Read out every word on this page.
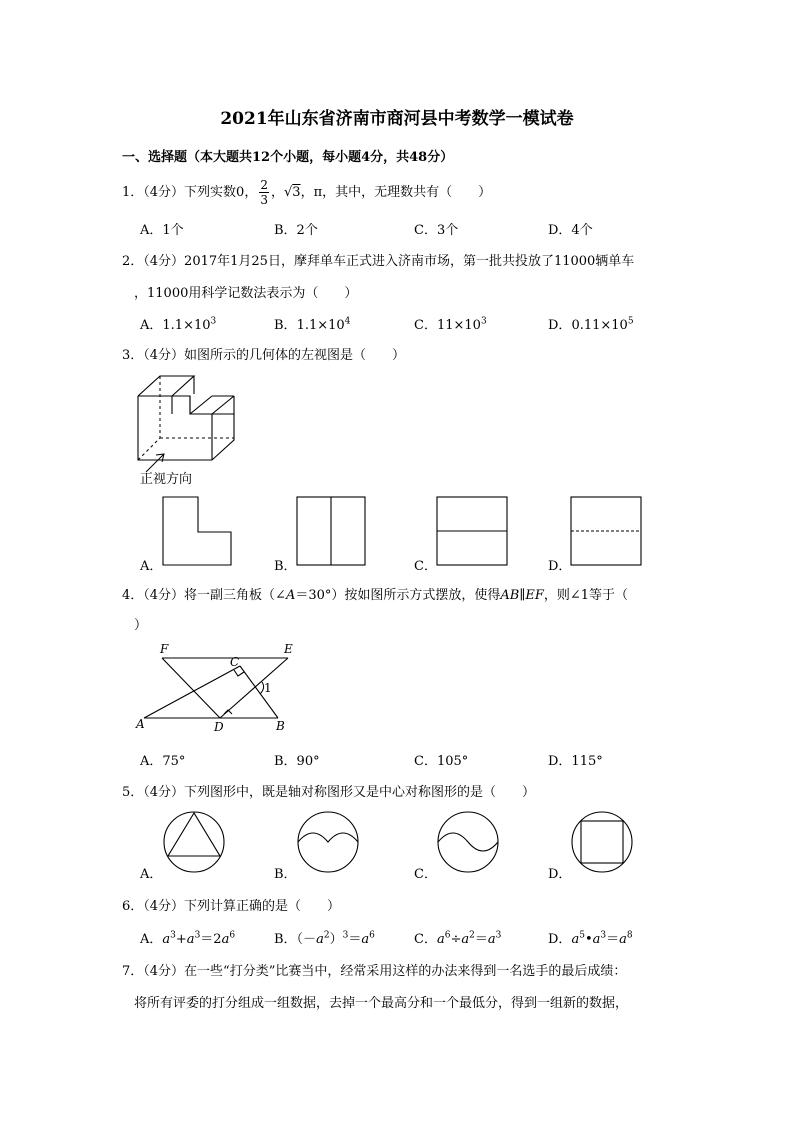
2021年山东省济南市商河县中考数学一模试卷
一、选择题（本大题共12个小题，每小题4分，共48分）
1．（4分）下列实数0， $\frac{2}{3}$ ，√3，π，其中，无理数共有（　　）
A．1个	B．2个	C．3个	D．4个
2．（4分）2017年1月25日，摩拜单车正式进入济南市场，第一批共投放了11000辆单车
，11000用科学记数法表示为（　　）
A．$1.1\times 10^3$	B．$1.1\times 10^4$	C．$11\times 10^3$	D．$0.11\times 10^5$
3．（4分）如图所示的几何体的左视图是（　　）
正视方向
A．	B．	C．	D．
4．（4分）将一副三角板（∠A＝30°）按如图所示方式摆放，使得AB∥EF，则∠1等于（
）
F	E
C
1
A	D	B
A．75°	B．90°	C．105°	D．115°
5．（4分）下列图形中，既是轴对称图形又是中心对称图形的是（　　）
A．	B．	C．	D．
6．（4分）下列计算正确的是（　　）
A．$a^3+a^3=2a^6$	B．$(-a^2)^3=a^6$	C．$a^6\div a^2=a^3$	D．$a^5•a^3=a^8$
7．（4分）在一些“打分类”比赛当中，经常采用这样的办法来得到一名选手的最后成绩：
将所有评委的打分组成一组数据，去掉一个最高分和一个最低分，得到一组新的数据，
